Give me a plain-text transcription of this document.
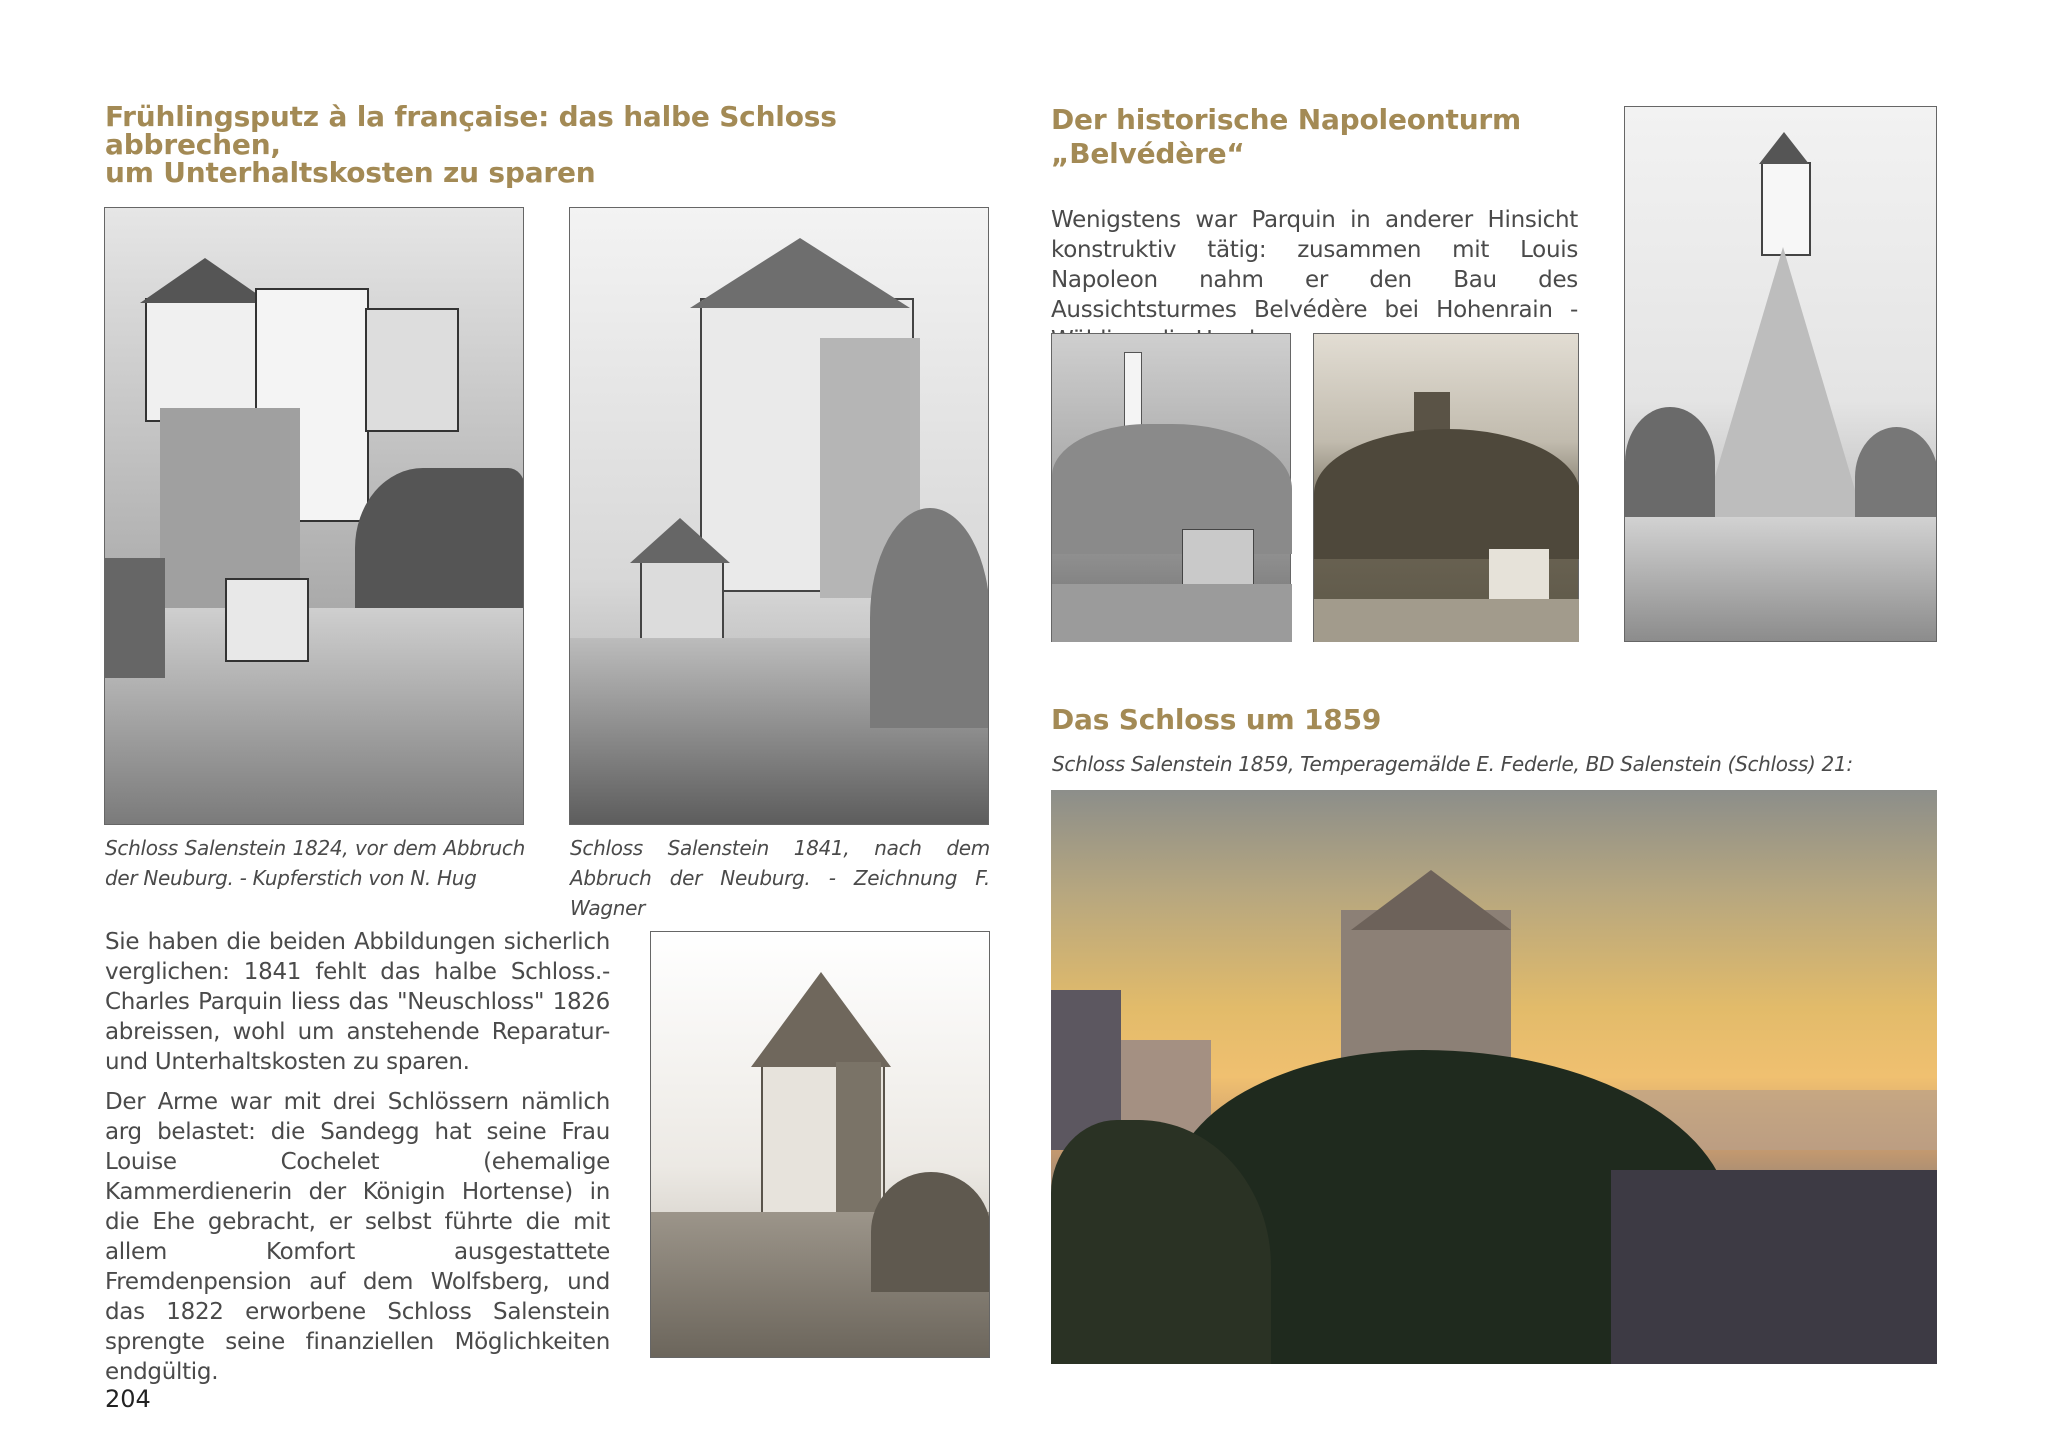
Frühlingsputz à la française: das halbe Schloss abbrechen,
um Unterhaltskosten zu sparen
Schloss Salenstein 1824, vor dem Abbruch der Neuburg. - Kupferstich von N. Hug
Schloss Salenstein 1841, nach dem Abbruch der Neuburg. - Zeichnung F. Wagner
Sie haben die beiden Abbildungen sicherlich verglichen: 1841 fehlt das halbe Schloss.- Charles Parquin liess das "Neuschloss" 1826 abreissen, wohl um anstehende Reparatur- und Unterhaltskosten zu sparen.
Der Arme war mit drei Schlössern nämlich arg belastet: die Sandegg hat seine Frau Louise Cochelet (ehemalige Kammerdienerin der Königin Hortense) in die Ehe gebracht, er selbst führte die mit allem Komfort ausgestattete Fremdenpension auf dem Wolfsberg, und das 1822 erworbene Schloss Salenstein sprengte seine finanziellen Möglichkeiten endgültig.
204
Der historische Napoleonturm
„Belvédère“
Wenigstens war Parquin in anderer Hinsicht konstruktiv tätig: zusammen mit Louis Napoleon nahm er den Bau des Aussichtsturmes Belvédère bei Hohenrain -
Das Schloss um 1859
Schloss Salenstein 1859, Temperagemälde E. Federle, BD Salenstein (Schloss) 21:
